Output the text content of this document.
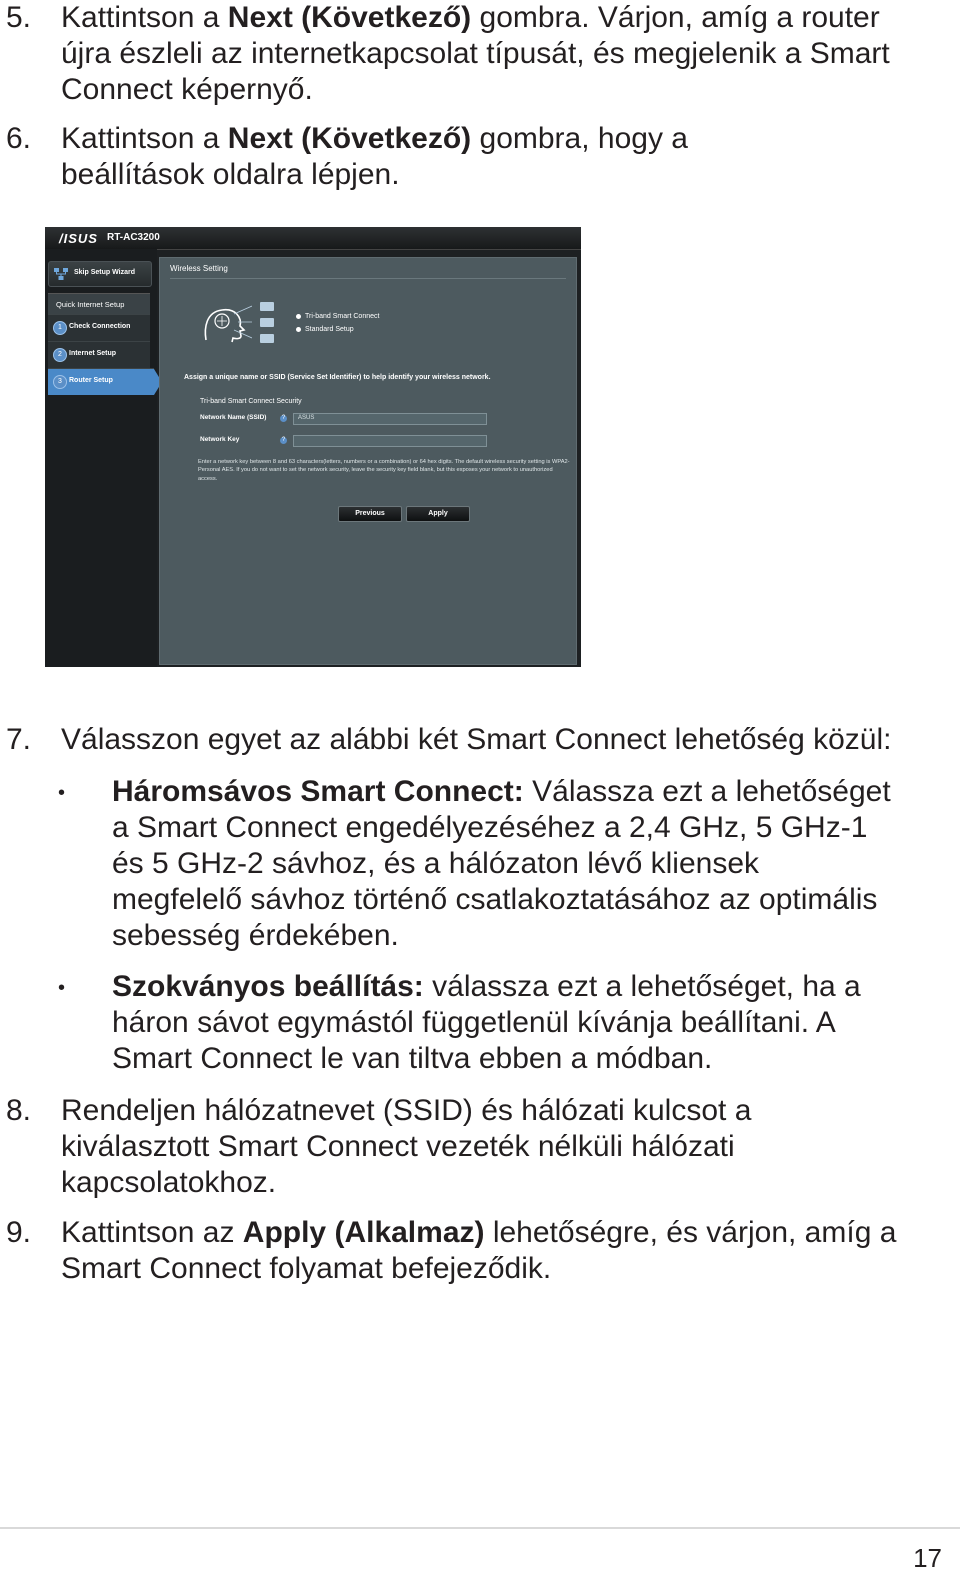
5. Kattintson a Next (Következő) gombra. Várjon, amíg a router újra észleli az internetkapcsolat típusát, és megjelenik a Smart Connect képernyő.
6. Kattintson a Next (Következő) gombra, hogy a beállítások oldalra lépjen.
/ISUS RT-AC3200
Skip Setup Wizard
Quick Internet Setup
1	Check Connection
2	Internet Setup
3	Router Setup
Wireless Setting
Tri-band Smart Connect
Standard Setup
Assign a unique name or SSID (Service Set Identifier) to help identify your wireless network.
Tri-band Smart Connect Security
Network Name (SSID)	?	ASUS
Network Key	?
Enter a network key between 8 and 63 characters(letters, numbers or a combination) or 64 hex digits. The default wireless security setting is WPA2-Personal AES. If you do not want to set the network security, leave the security key field blank, but this exposes your network to unauthorized access.
Previous	Apply
7. Válasszon egyet az alábbi két Smart Connect lehetőség közül:
• Háromsávos Smart Connect: Válassza ezt a lehetőséget a Smart Connect engedélyezéséhez a 2,4 GHz, 5 GHz-1 és 5 GHz-2 sávhoz, és a hálózaton lévő kliensek megfelelő sávhoz történő csatlakoztatásához az optimális sebesség érdekében.
• Szokványos beállítás: válassza ezt a lehetőséget, ha a háron sávot egymástól függetlenül kívánja beállítani. A Smart Connect le van tiltva ebben a módban.
8. Rendeljen hálózatnevet (SSID) és hálózati kulcsot a kiválasztott Smart Connect vezeték nélküli hálózati kapcsolatokhoz.
9. Kattintson az Apply (Alkalmaz) lehetőségre, és várjon, amíg a Smart Connect folyamat befejeződik.
17
